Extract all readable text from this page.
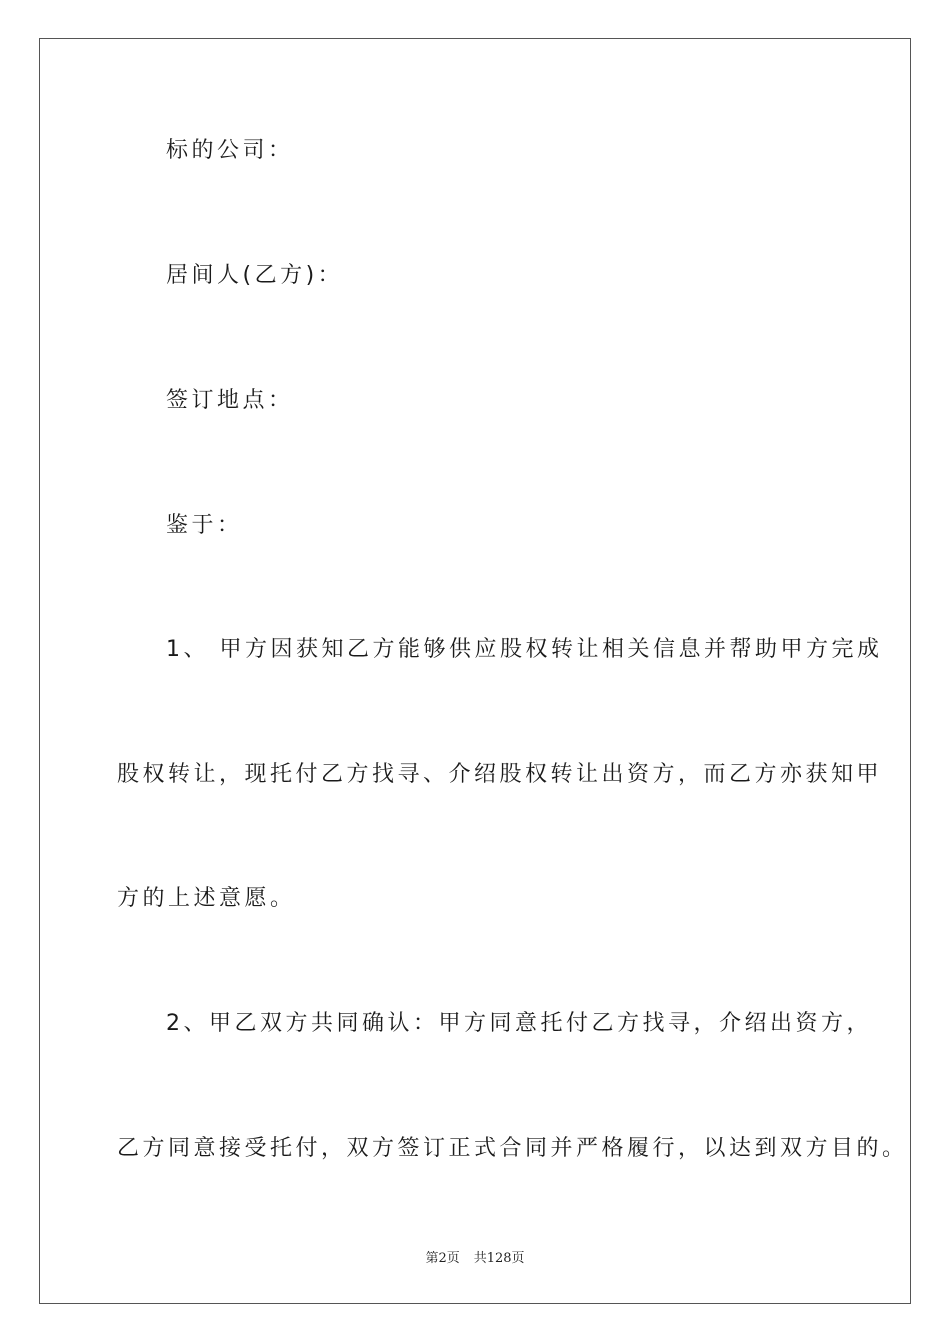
标的公司：

居间人(乙方)：

签订地点：

鉴于：

1、 甲方因获知乙方能够供应股权转让相关信息并帮助甲方完成

股权转让，现托付乙方找寻、介绍股权转让出资方，而乙方亦获知甲

方的上述意愿。

2、甲乙双方共同确认：甲方同意托付乙方找寻，介绍出资方，

乙方同意接受托付，双方签订正式合同并严格履行，以达到双方目的。

第2页 共128页
